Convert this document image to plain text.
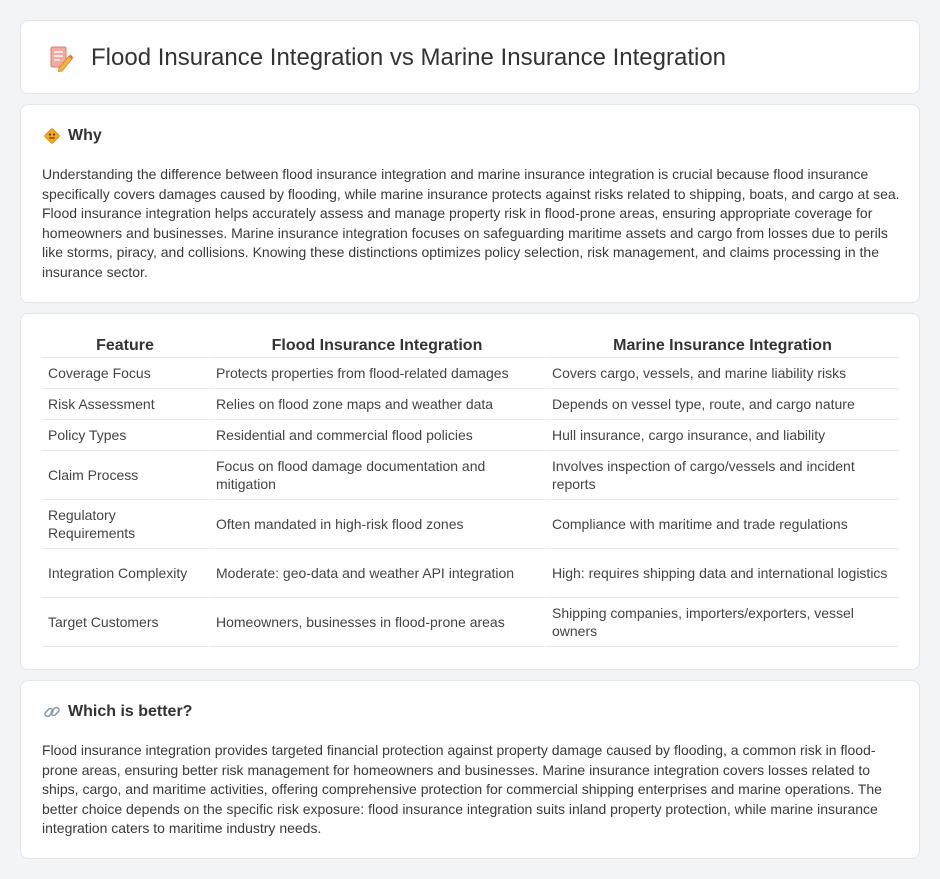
Flood Insurance Integration vs Marine Insurance Integration
Why

Understanding the difference between flood insurance integration and marine insurance integration is crucial because flood insurance specifically covers damages caused by flooding, while marine insurance protects against risks related to shipping, boats, and cargo at sea. Flood insurance integration helps accurately assess and manage property risk in flood-prone areas, ensuring appropriate coverage for homeowners and businesses. Marine insurance integration focuses on safeguarding maritime assets and cargo from losses due to perils like storms, piracy, and collisions. Knowing these distinctions optimizes policy selection, risk management, and claims processing in the insurance sector.

Feature	Flood Insurance Integration	Marine Insurance Integration
Coverage Focus	Protects properties from flood-related damages	Covers cargo, vessels, and marine liability risks
Risk Assessment	Relies on flood zone maps and weather data	Depends on vessel type, route, and cargo nature
Policy Types	Residential and commercial flood policies	Hull insurance, cargo insurance, and liability
Claim Process	Focus on flood damage documentation and mitigation	Involves inspection of cargo/vessels and incident reports
Regulatory Requirements	Often mandated in high-risk flood zones	Compliance with maritime and trade regulations
Integration Complexity	Moderate: geo-data and weather API integration	High: requires shipping data and international logistics
Target Customers	Homeowners, businesses in flood-prone areas	Shipping companies, importers/exporters, vessel owners
Which is better?

Flood insurance integration provides targeted financial protection against property damage caused by flooding, a common risk in flood-prone areas, ensuring better risk management for homeowners and businesses. Marine insurance integration covers losses related to ships, cargo, and maritime activities, offering comprehensive protection for commercial shipping enterprises and marine operations. The better choice depends on the specific risk exposure: flood insurance integration suits inland property protection, while marine insurance integration caters to maritime industry needs.
